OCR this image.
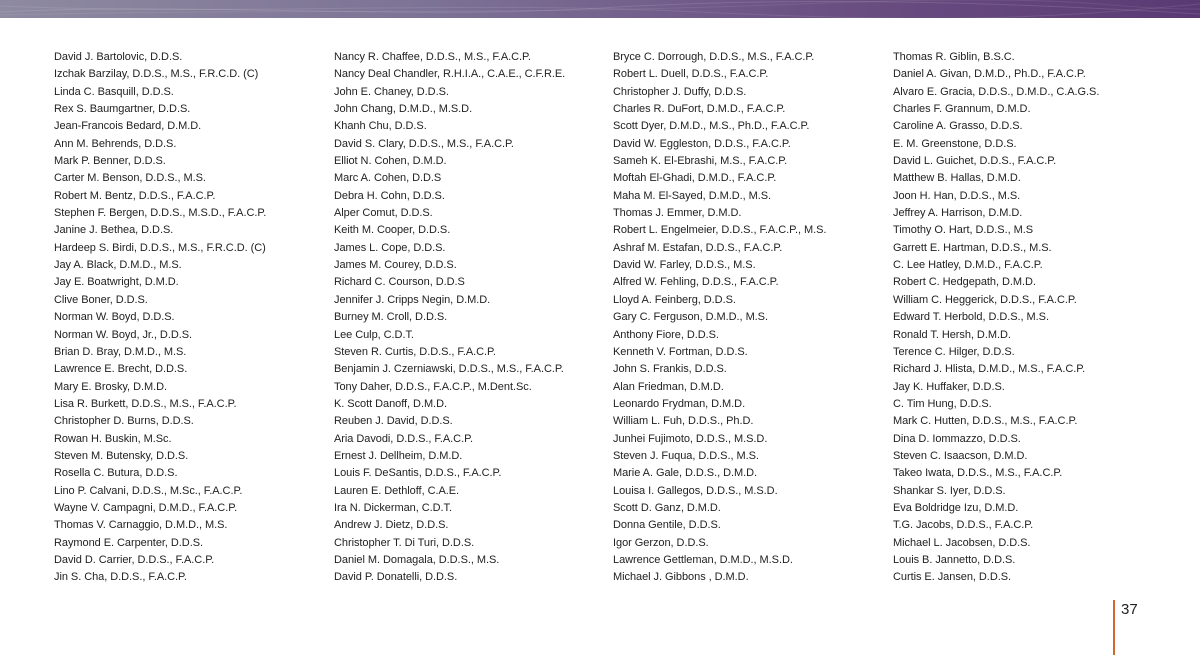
David J. Bartolovic, D.D.S.
Izchak Barzilay, D.D.S., M.S., F.R.C.D. (C)
Linda C. Basquill, D.D.S.
Rex S. Baumgartner, D.D.S.
Jean-Francois Bedard, D.M.D.
Ann M. Behrends, D.D.S.
Mark P. Benner, D.D.S.
Carter M. Benson, D.D.S., M.S.
Robert M. Bentz, D.D.S., F.A.C.P.
Stephen F. Bergen, D.D.S., M.S.D., F.A.C.P.
Janine J. Bethea, D.D.S.
Hardeep S. Birdi, D.D.S., M.S., F.R.C.D. (C)
Jay A. Black, D.M.D., M.S.
Jay E. Boatwright, D.M.D.
Clive Boner, D.D.S.
Norman W. Boyd, D.D.S.
Norman W. Boyd, Jr., D.D.S.
Brian D. Bray, D.M.D., M.S.
Lawrence E. Brecht, D.D.S.
Mary E. Brosky, D.M.D.
Lisa R. Burkett, D.D.S., M.S., F.A.C.P.
Christopher D. Burns, D.D.S.
Rowan H. Buskin, M.Sc.
Steven M. Butensky, D.D.S.
Rosella C. Butura, D.D.S.
Lino P. Calvani, D.D.S., M.Sc., F.A.C.P.
Wayne V. Campagni, D.M.D., F.A.C.P.
Thomas V. Carnaggio, D.M.D., M.S.
Raymond E. Carpenter, D.D.S.
David D. Carrier, D.D.S., F.A.C.P.
Jin S. Cha, D.D.S., F.A.C.P.
Nancy R. Chaffee, D.D.S., M.S., F.A.C.P.
Nancy Deal Chandler, R.H.I.A., C.A.E., C.F.R.E.
John E. Chaney, D.D.S.
John Chang, D.M.D., M.S.D.
Khanh Chu, D.D.S.
David S. Clary, D.D.S., M.S., F.A.C.P.
Elliot N. Cohen, D.M.D.
Marc A. Cohen, D.D.S
Debra H. Cohn, D.D.S.
Alper Comut, D.D.S.
Keith M. Cooper, D.D.S.
James L. Cope, D.D.S.
James M. Courey, D.D.S.
Richard C. Courson, D.D.S
Jennifer J. Cripps Negin, D.M.D.
Burney M. Croll, D.D.S.
Lee Culp, C.D.T.
Steven R. Curtis, D.D.S., F.A.C.P.
Benjamin J. Czerniawski, D.D.S., M.S., F.A.C.P.
Tony Daher, D.D.S., F.A.C.P., M.Dent.Sc.
K. Scott Danoff, D.M.D.
Reuben J. David, D.D.S.
Aria Davodi, D.D.S., F.A.C.P.
Ernest J. Dellheim, D.M.D.
Louis F. DeSantis, D.D.S., F.A.C.P.
Lauren E. Dethloff, C.A.E.
Ira N. Dickerman, C.D.T.
Andrew J. Dietz, D.D.S.
Christopher T. Di Turi, D.D.S.
Daniel M. Domagala, D.D.S., M.S.
David P. Donatelli, D.D.S.
Bryce C. Dorrough, D.D.S., M.S., F.A.C.P.
Robert L. Duell, D.D.S., F.A.C.P.
Christopher J. Duffy, D.D.S.
Charles R. DuFort, D.M.D., F.A.C.P.
Scott Dyer, D.M.D., M.S., Ph.D., F.A.C.P.
David W. Eggleston, D.D.S., F.A.C.P.
Sameh K. El-Ebrashi, M.S., F.A.C.P.
Moftah El-Ghadi, D.M.D., F.A.C.P.
Maha M. El-Sayed, D.M.D., M.S.
Thomas J. Emmer, D.M.D.
Robert L. Engelmeier, D.D.S., F.A.C.P., M.S.
Ashraf M. Estafan, D.D.S., F.A.C.P.
David W. Farley, D.D.S., M.S.
Alfred W. Fehling, D.D.S., F.A.C.P.
Lloyd A. Feinberg, D.D.S.
Gary C. Ferguson, D.M.D., M.S.
Anthony Fiore, D.D.S.
Kenneth V. Fortman, D.D.S.
John S. Frankis, D.D.S.
Alan Friedman, D.M.D.
Leonardo Frydman, D.M.D.
William L. Fuh, D.D.S., Ph.D.
Junhei Fujimoto, D.D.S., M.S.D.
Steven J. Fuqua, D.D.S., M.S.
Marie A. Gale, D.D.S., D.M.D.
Louisa I. Gallegos, D.D.S., M.S.D.
Scott D. Ganz, D.M.D.
Donna Gentile, D.D.S.
Igor Gerzon, D.D.S.
Lawrence Gettleman, D.M.D., M.S.D.
Michael J. Gibbons , D.M.D.
Thomas R. Giblin, B.S.C.
Daniel A. Givan, D.M.D., Ph.D., F.A.C.P.
Alvaro E. Gracia, D.D.S., D.M.D., C.A.G.S.
Charles F. Grannum, D.M.D.
Caroline A. Grasso, D.D.S.
E. M. Greenstone, D.D.S.
David L. Guichet, D.D.S., F.A.C.P.
Matthew B. Hallas, D.M.D.
Joon H. Han, D.D.S., M.S.
Jeffrey A. Harrison, D.M.D.
Timothy O. Hart, D.D.S., M.S
Garrett E. Hartman, D.D.S., M.S.
C. Lee Hatley, D.M.D., F.A.C.P.
Robert C. Hedgepath, D.M.D.
William C. Heggerick, D.D.S., F.A.C.P.
Edward T. Herbold, D.D.S., M.S.
Ronald T. Hersh, D.M.D.
Terence C. Hilger, D.D.S.
Richard J. Hlista, D.M.D., M.S., F.A.C.P.
Jay K. Huffaker, D.D.S.
C. Tim Hung, D.D.S.
Mark C. Hutten, D.D.S., M.S., F.A.C.P.
Dina D. Iommazzo, D.D.S.
Steven C. Isaacson, D.M.D.
Takeo Iwata, D.D.S., M.S., F.A.C.P.
Shankar S. Iyer, D.D.S.
Eva Boldridge Izu, D.M.D.
T.G. Jacobs, D.D.S., F.A.C.P.
Michael L. Jacobsen, D.D.S.
Louis B. Jannetto, D.D.S.
Curtis E. Jansen, D.D.S.
37
